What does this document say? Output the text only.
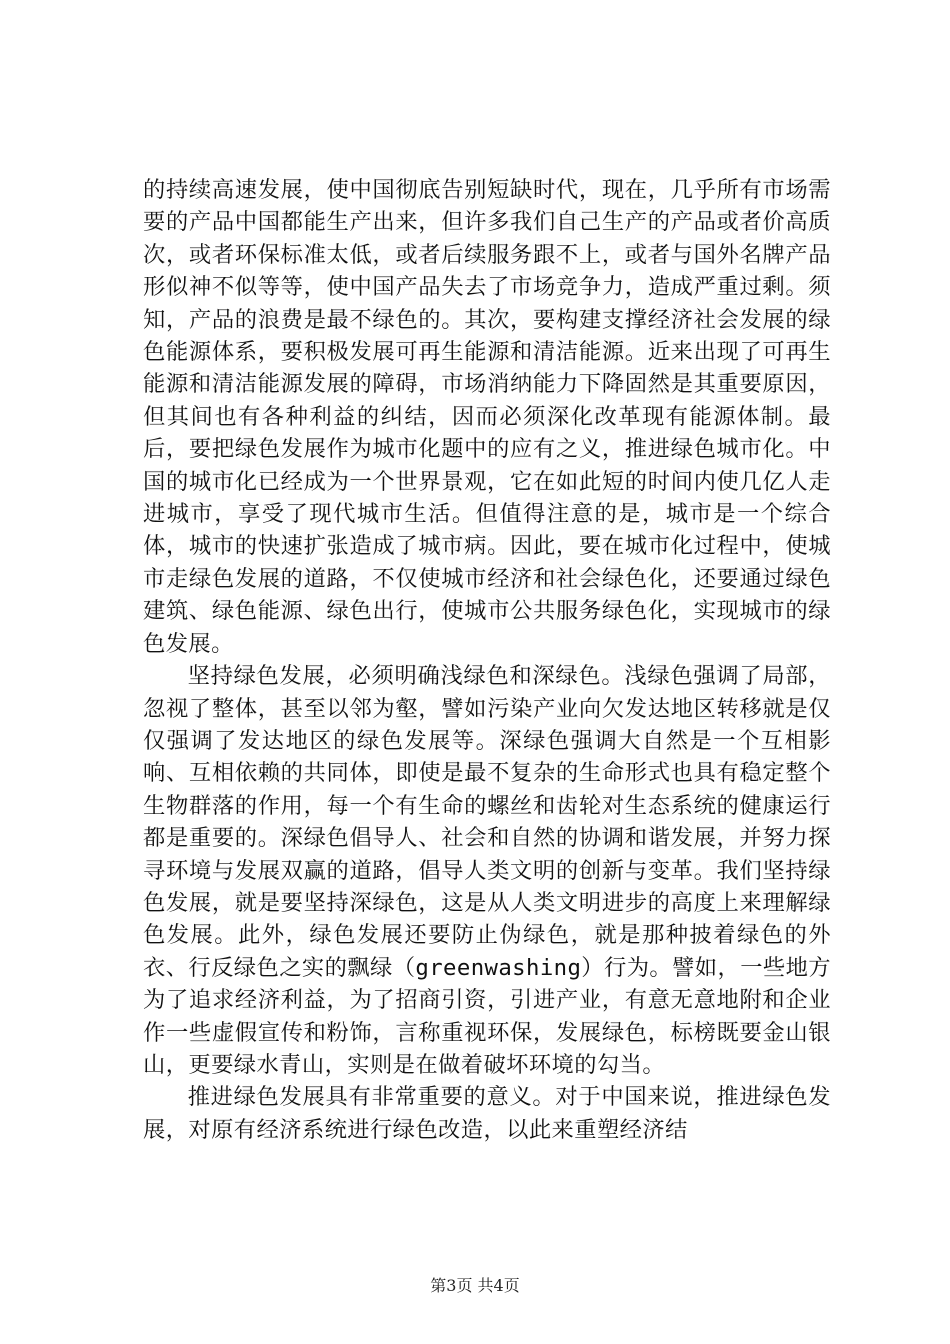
的持续高速发展，使中国彻底告别短缺时代，现在，几乎所有市场需要的产品中国都能生产出来，但许多我们自己生产的产品或者价高质次，或者环保标准太低，或者后续服务跟不上，或者与国外名牌产品形似神不似等等，使中国产品失去了市场竞争力，造成严重过剩。须知，产品的浪费是最不绿色的。其次，要构建支撑经济社会发展的绿色能源体系，要积极发展可再生能源和清洁能源。近来出现了可再生能源和清洁能源发展的障碍，市场消纳能力下降固然是其重要原因，但其间也有各种利益的纠结，因而必须深化改革现有能源体制。最后，要把绿色发展作为城市化题中的应有之义，推进绿色城市化。中国的城市化已经成为一个世界景观，它在如此短的时间内使几亿人走进城市，享受了现代城市生活。但值得注意的是，城市是一个综合体，城市的快速扩张造成了城市病。因此，要在城市化过程中，使城市走绿色发展的道路，不仅使城市经济和社会绿色化，还要通过绿色建筑、绿色能源、绿色出行，使城市公共服务绿色化，实现城市的绿色发展。

坚持绿色发展，必须明确浅绿色和深绿色。浅绿色强调了局部，忽视了整体，甚至以邻为壑，譬如污染产业向欠发达地区转移就是仅仅强调了发达地区的绿色发展等。深绿色强调大自然是一个互相影响、互相依赖的共同体，即使是最不复杂的生命形式也具有稳定整个生物群落的作用，每一个有生命的螺丝和齿轮对生态系统的健康运行都是重要的。深绿色倡导人、社会和自然的协调和谐发展，并努力探寻环境与发展双赢的道路，倡导人类文明的创新与变革。我们坚持绿色发展，就是要坚持深绿色，这是从人类文明进步的高度上来理解绿色发展。此外，绿色发展还要防止伪绿色，就是那种披着绿色的外衣、行反绿色之实的飘绿（greenwashing）行为。譬如，一些地方为了追求经济利益，为了招商引资，引进产业，有意无意地附和企业作一些虚假宣传和粉饰，言称重视环保，发展绿色，标榜既要金山银山，更要绿水青山，实则是在做着破坏环境的勾当。

推进绿色发展具有非常重要的意义。对于中国来说，推进绿色发展，对原有经济系统进行绿色改造，以此来重塑经济结

第3页 共4页
